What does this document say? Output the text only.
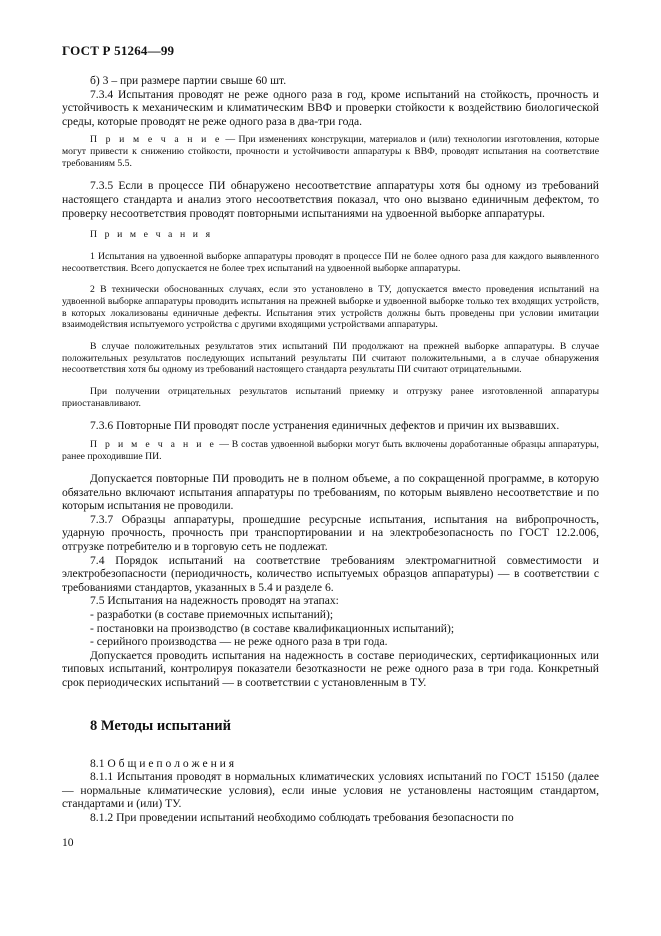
ГОСТ Р 51264—99

б) 3 – при размере партии свыше 60 шт.

7.3.4 Испытания проводят не реже одного раза в год, кроме испытаний на стойкость, прочность и устойчивость к механическим и климатическим ВВФ и проверки стойкости к воздействию биологической среды, которые проводят не реже одного раза в два-три года.

П р и м е ч а н и е — При изменениях конструкции, материалов и (или) технологии изготовления, которые могут привести к снижению стойкости, прочности и устойчивости аппаратуры к ВВФ, проводят испытания на соответствие требованиям 5.5.

7.3.5 Если в процессе ПИ обнаружено несоответствие аппаратуры хотя бы одному из требований настоящего стандарта и анализ этого несоответствия показал, что оно вызвано единичным дефектом, то проверку несоответствия проводят повторными испытаниями на удвоенной выборке аппаратуры.

П р и м е ч а н и я

1 Испытания на удвоенной выборке аппаратуры проводят в процессе ПИ не более одного раза для каждого выявленного несоответствия. Всего допускается не более трех испытаний на удвоенной выборке аппаратуры.

2 В технически обоснованных случаях, если это установлено в ТУ, допускается вместо проведения испытаний на удвоенной выборке аппаратуры проводить испытания на прежней выборке и удвоенной выборке только тех входящих устройств, в которых локализованы единичные дефекты. Испытания этих устройств должны быть проведены при условии имитации взаимодействия испытуемого устройства с другими входящими устройствами аппаратуры.

В случае положительных результатов этих испытаний ПИ продолжают на прежней выборке аппаратуры. В случае положительных результатов последующих испытаний результаты ПИ считают положительными, а в случае обнаружения несоответствия хотя бы одному из требований настоящего стандарта результаты ПИ считают отрицательными.

При получении отрицательных результатов испытаний приемку и отгрузку ранее изготовленной аппаратуры приостанавливают.

7.3.6 Повторные ПИ проводят после устранения единичных дефектов и причин их вызвавших.

П р и м е ч а н и е — В состав удвоенной выборки могут быть включены доработанные образцы аппаратуры, ранее проходившие ПИ.

Допускается повторные ПИ проводить не в полном объеме, а по сокращенной программе, в которую обязательно включают испытания аппаратуры по требованиям, по которым выявлено несоответствие и по которым испытания не проводили.

7.3.7 Образцы аппаратуры, прошедшие ресурсные испытания, испытания на вибропрочность, ударную прочность, прочность при транспортировании и на электробезопасность по ГОСТ 12.2.006, отгрузке потребителю и в торговую сеть не подлежат.

7.4 Порядок испытаний на соответствие требованиям электромагнитной совместимости и электробезопасности (периодичность, количество испытуемых образцов аппаратуры) — в соответствии с требованиями стандартов, указанных в 5.4 и разделе 6.

7.5 Испытания на надежность проводят на этапах:

- разработки (в составе приемочных испытаний);

- постановки на производство (в составе квалификационных испытаний);

- серийного производства — не реже одного раза в три года.

Допускается проводить испытания на надежность в составе периодических, сертификационных или типовых испытаний, контролируя показатели безотказности не реже одного раза в три года. Конкретный срок периодических испытаний — в соответствии с установленным в ТУ.

8 Методы испытаний

8.1 О б щ и е п о л о ж е н и я

8.1.1 Испытания проводят в нормальных климатических условиях испытаний по ГОСТ 15150 (далее — нормальные климатические условия), если иные условия не установлены настоящим стандартом, стандартами и (или) ТУ.

8.1.2 При проведении испытаний необходимо соблюдать требования безопасности по

10
